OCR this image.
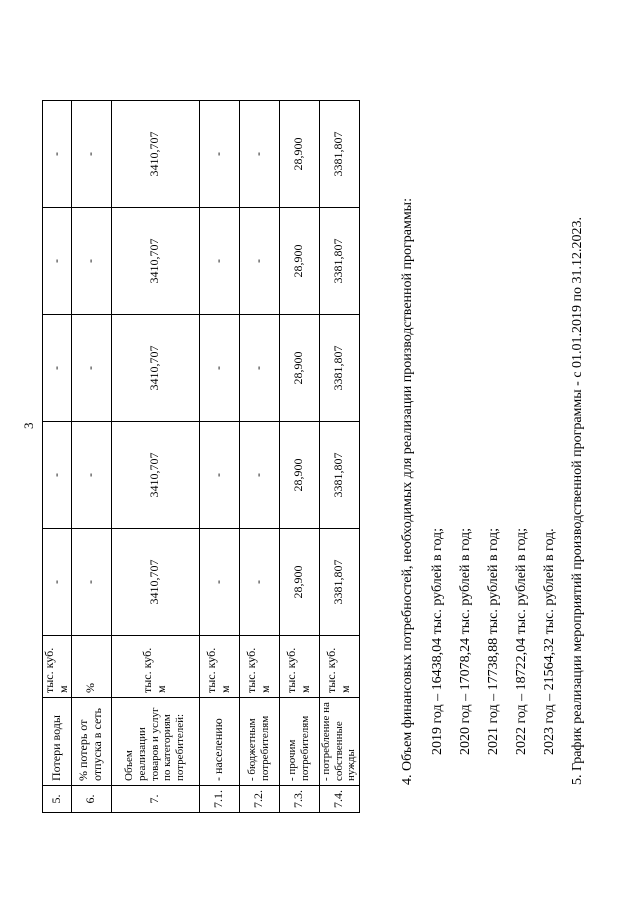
3
5.	Потери воды	тыс. куб. м	-	-	-	-	-
6.	% потерь от отпуска в сеть	%	-	-	-	-	-
7.	Объем реализации товаров и услуг по категориям потребителей:	тыс. куб. м	3410,707	3410,707	3410,707	3410,707	3410,707
7.1.	- населению	тыс. куб. м	-	-	-	-	-
7.2.	- бюджетным потребителям	тыс. куб. м	-	-	-	-	-
7.3.	- прочим потребителям	тыс. куб. м	28,900	28,900	28,900	28,900	28,900
7.4.	- потребление на собственные нужды	тыс. куб. м	3381,807	3381,807	3381,807	3381,807	3381,807
4. Объем финансовых потребностей, необходимых для реализации производственной программы: 2019 год – 16438,04 тыс. рублей в год; 2020 год – 17078,24 тыс. рублей в год; 2021 год – 17738,88 тыс. рублей в год; 2022 год – 18722,04 тыс. рублей в год; 2023 год – 21564,32 тыс. рублей в год. 5. График реализации мероприятий производственной программы - с 01.01.2019 по 31.12.2023.
